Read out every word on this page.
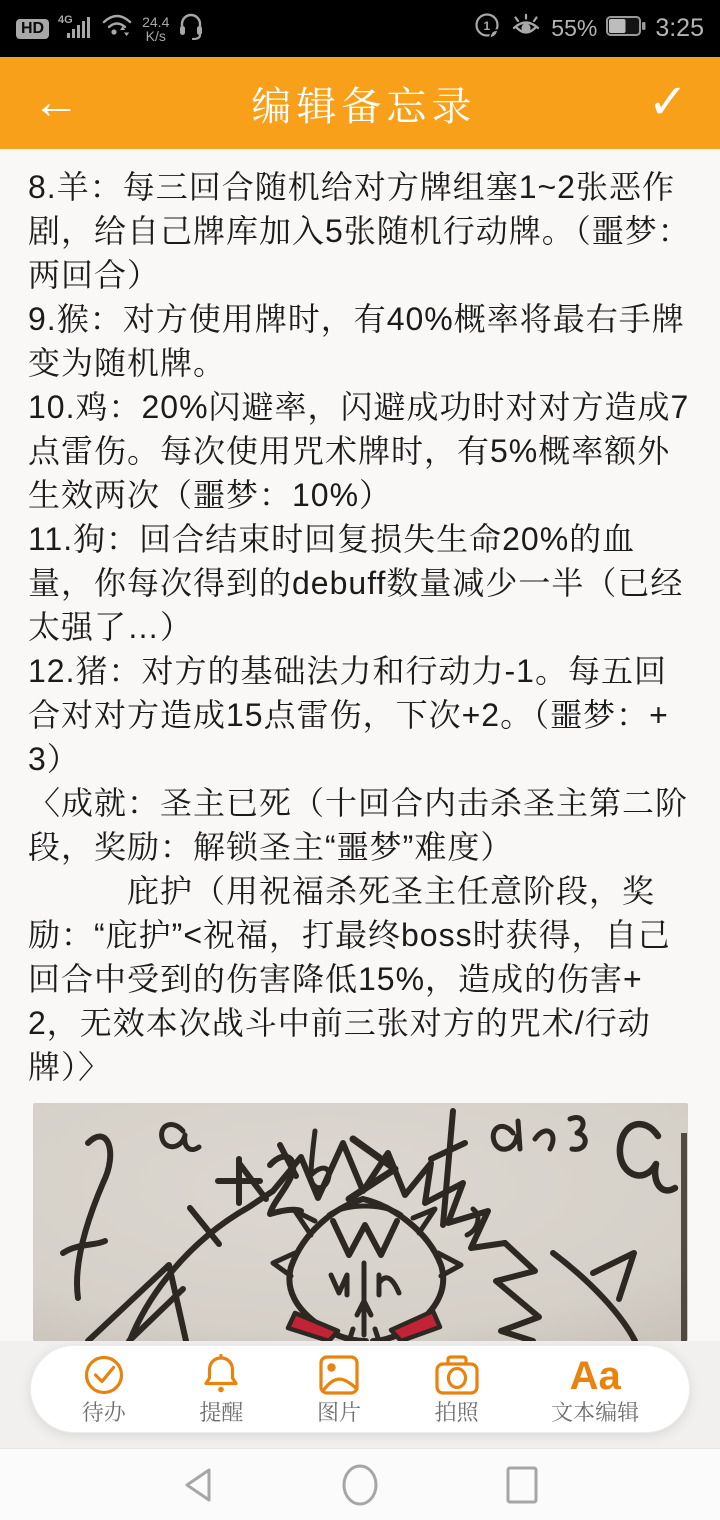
HD	4G	24.4
K/s
1	55% 3:25
←	编辑备忘录	✓

8.羊：每三回合随机给对方牌组塞1~2张恶作剧，给自己牌库加入5张随机行动牌。（噩梦：两回合）

9.猴：对方使用牌时，有40%概率将最右手牌变为随机牌。

10.鸡：20%闪避率，闪避成功时对对方造成7点雷伤。每次使用咒术牌时，有5%概率额外生效两次（噩梦：10%）

11.狗：回合结束时回复损失生命20%的血量，你每次得到的debuff数量减少一半（已经太强了…）

12.猪：对方的基础法力和行动力-1。每五回合对对方造成15点雷伤，下次+2。（噩梦：+3）

〈成就：圣主已死（十回合内击杀圣主第二阶段，奖励：解锁圣主“噩梦”难度）

　　　庇护（用祝福杀死圣主任意阶段，奖励：“庇护”<祝福，打最终boss时获得，自己回合中受到的伤害降低15%，造成的伤害+2，无效本次战斗中前三张对方的咒术/行动牌）〉

待办	提醒	图片	拍照
Aa
文本编辑
